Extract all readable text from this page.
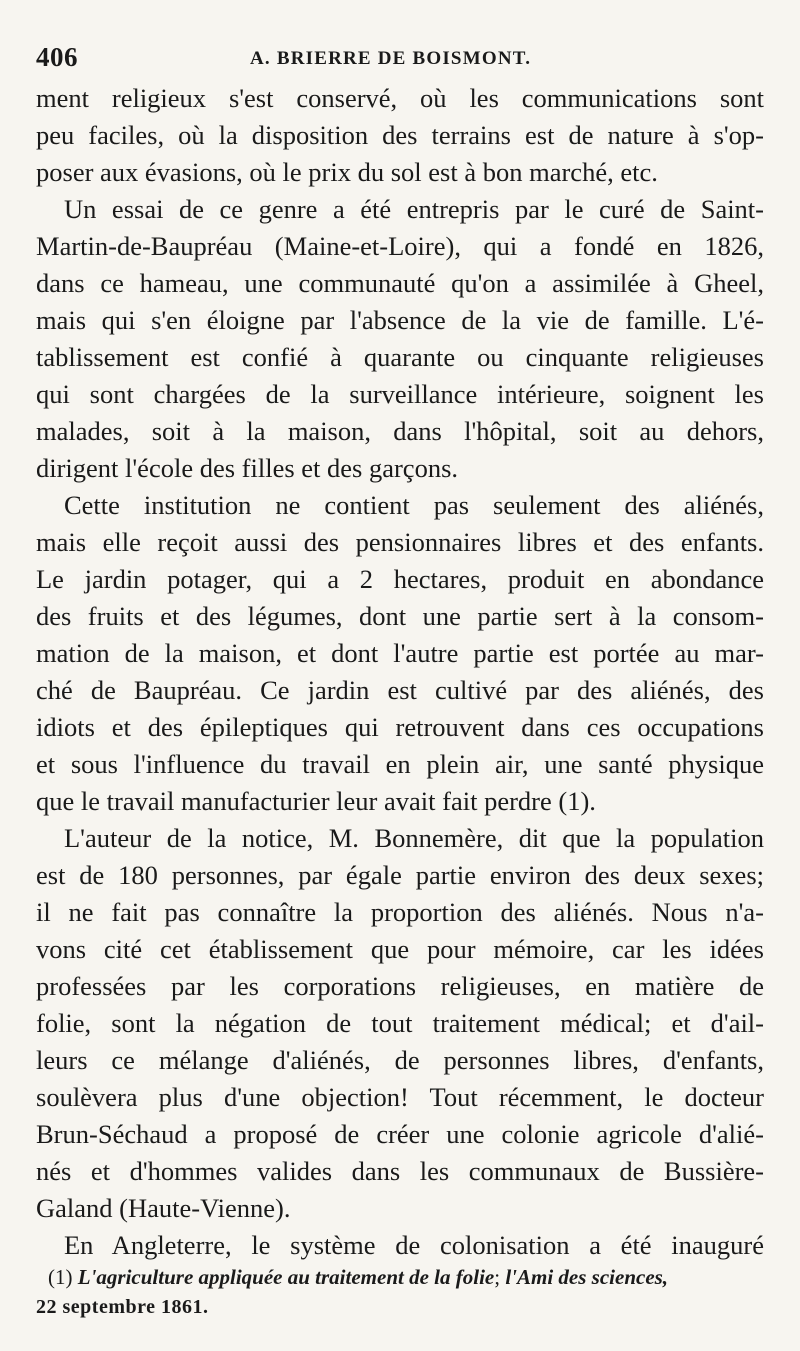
406	A. BRIERRE DE BOISMONT.
ment religieux s'est conservé, où les communications sont
peu faciles, où la disposition des terrains est de nature à s'op-
poser aux évasions, où le prix du sol est à bon marché, etc.
Un essai de ce genre a été entrepris par le curé de Saint-
Martin-de-Baupréau (Maine-et-Loire), qui a fondé en 1826,
dans ce hameau, une communauté qu'on a assimilée à Gheel,
mais qui s'en éloigne par l'absence de la vie de famille. L'é-
tablissement est confié à quarante ou cinquante religieuses
qui sont chargées de la surveillance intérieure, soignent les
malades, soit à la maison, dans l'hôpital, soit au dehors,
dirigent l'école des filles et des garçons.
Cette institution ne contient pas seulement des aliénés,
mais elle reçoit aussi des pensionnaires libres et des enfants.
Le jardin potager, qui a 2 hectares, produit en abondance
des fruits et des légumes, dont une partie sert à la consom-
mation de la maison, et dont l'autre partie est portée au mar-
ché de Baupréau. Ce jardin est cultivé par des aliénés, des
idiots et des épileptiques qui retrouvent dans ces occupations
et sous l'influence du travail en plein air, une santé physique
que le travail manufacturier leur avait fait perdre (1).
L'auteur de la notice, M. Bonnemère, dit que la population
est de 180 personnes, par égale partie environ des deux sexes;
il ne fait pas connaître la proportion des aliénés. Nous n'a-
vons cité cet établissement que pour mémoire, car les idées
professées par les corporations religieuses, en matière de
folie, sont la négation de tout traitement médical; et d'ail-
leurs ce mélange d'aliénés, de personnes libres, d'enfants,
soulèvera plus d'une objection! Tout récemment, le docteur
Brun-Séchaud a proposé de créer une colonie agricole d'alié-
nés et d'hommes valides dans les communaux de Bussière-
Galand (Haute-Vienne).
En Angleterre, le système de colonisation a été inauguré
(1) L'agriculture appliquée au traitement de la folie; l'Ami des sciences,
22 septembre 1861.
